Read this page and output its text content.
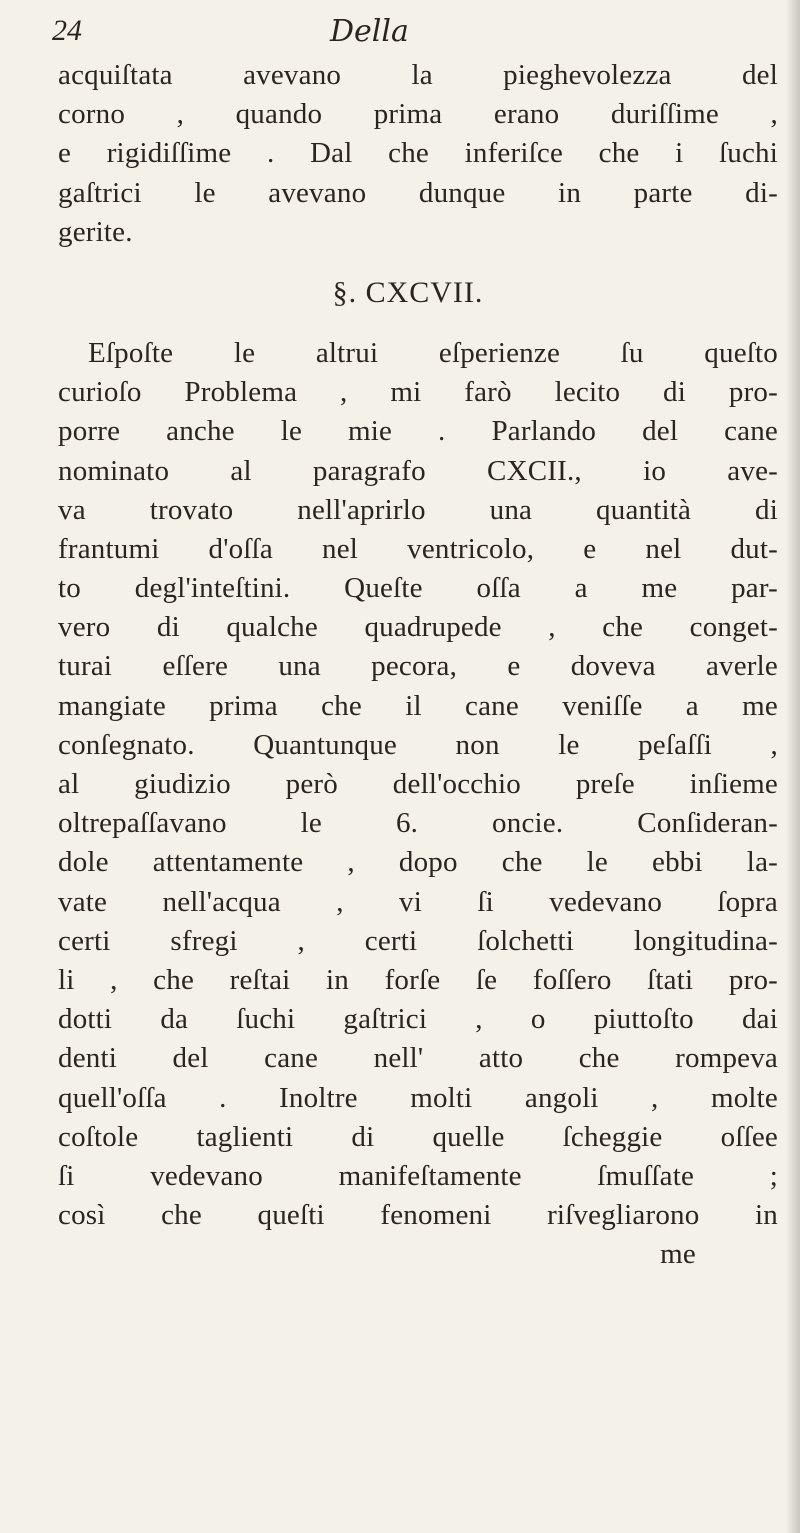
24	Della
acquiſtata avevano la pieghevolezza del
corno , quando prima erano duriſſime ,
e rigidiſſime . Dal che inferiſce che i ſuchi
gaſtrici le avevano dunque in parte di-
gerite.
§. CXCVII.
Eſpoſte le altrui eſperienze ſu queſto
curioſo Problema , mi farò lecito di pro-
porre anche le mie . Parlando del cane
nominato al paragrafo CXCII., io ave-
va trovato nell'aprirlo una quantità di
frantumi d'oſſa nel ventricolo, e nel dut-
to degl'inteſtini. Queſte oſſa a me par-
vero di qualche quadrupede , che conget-
turai eſſere una pecora, e doveva averle
mangiate prima che il cane veniſſe a me
conſegnato. Quantunque non le peſaſſi ,
al giudizio però dell'occhio preſe inſieme
oltrepaſſavano le 6. oncie. Conſideran-
dole attentamente , dopo che le ebbi la-
vate nell'acqua , vi ſi vedevano ſopra
certi sfregi , certi ſolchetti longitudina-
li , che reſtai in forſe ſe foſſero ſtati pro-
dotti da ſuchi gaſtrici , o piuttoſto dai
denti del cane nell' atto che rompeva
quell'oſſa . Inoltre molti angoli , molte
coſtole taglienti di quelle ſcheggie oſſee
ſi vedevano manifeſtamente ſmuſſate ;
così che queſti fenomeni riſvegliarono in
me
